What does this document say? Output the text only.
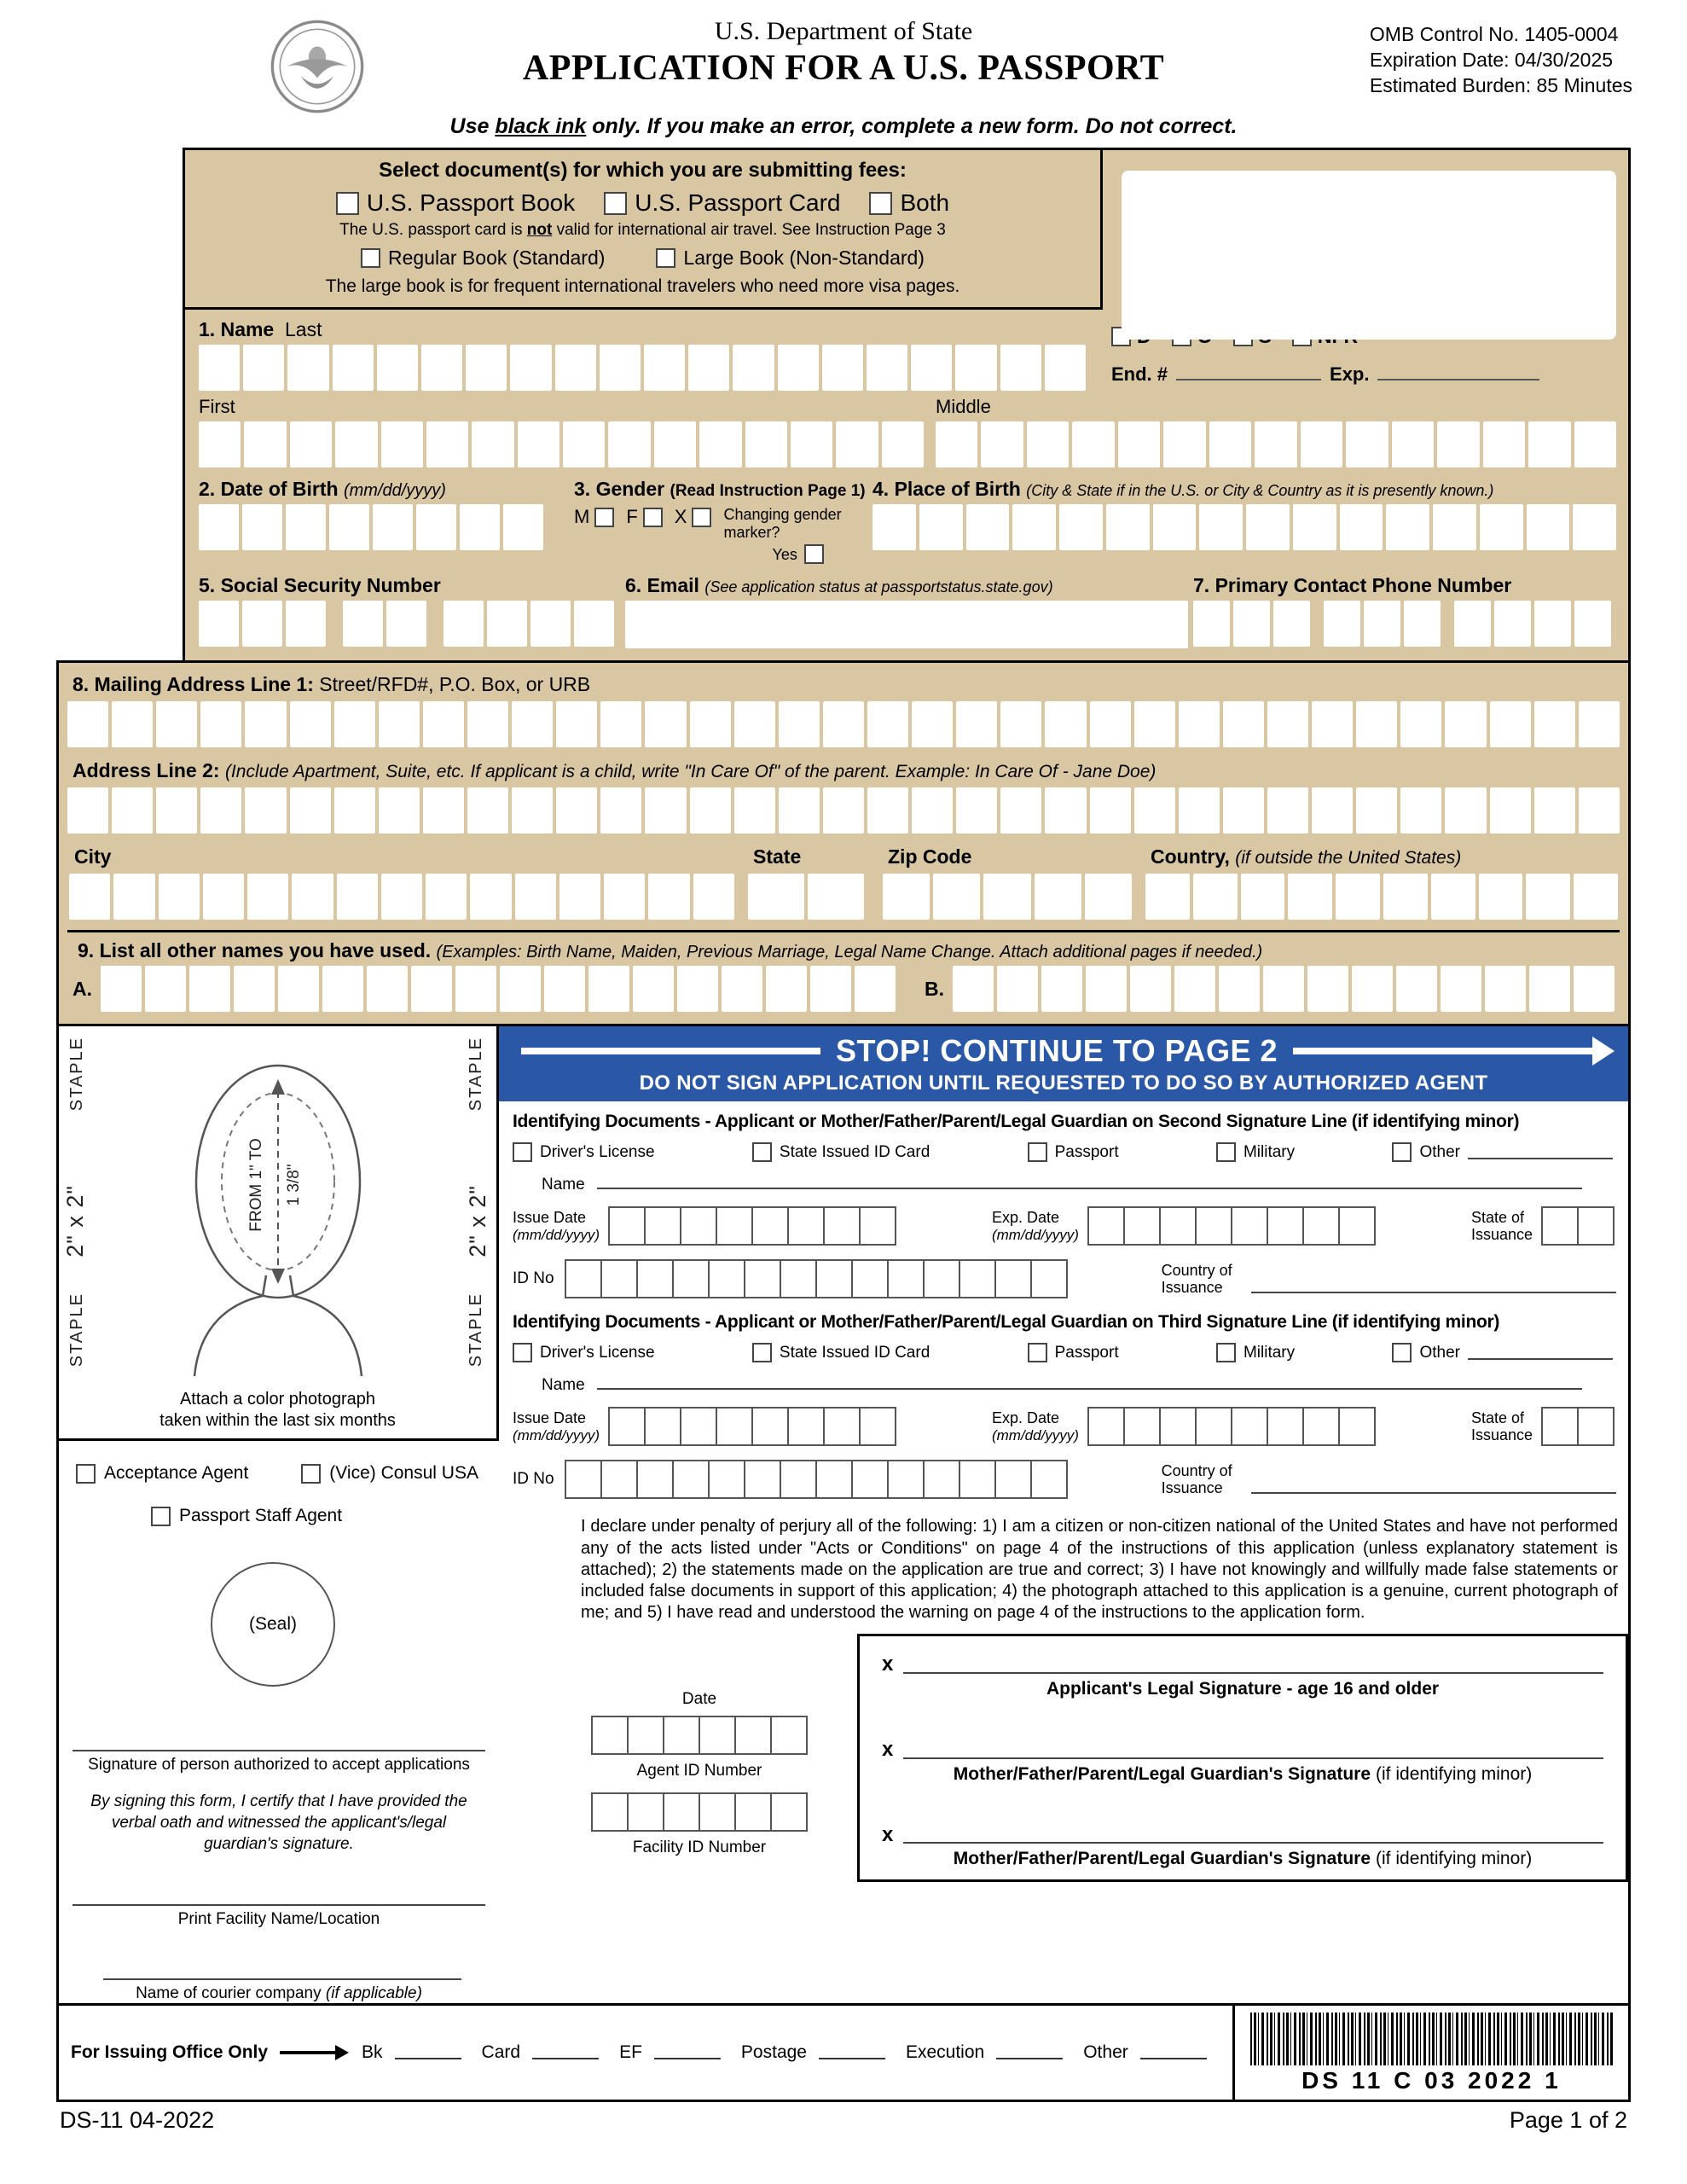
U.S. Department of State
APPLICATION FOR A U.S. PASSPORT
OMB Control No. 1405-0004
Expiration Date: 04/30/2025
Estimated Burden: 85 Minutes
Use black ink only. If you make an error, complete a new form. Do not correct.
Select document(s) for which you are submitting fees:
U.S. Passport Book	U.S. Passport Card	Both
The U.S. passport card is not valid for international air travel. See Instruction Page 3
Regular Book (Standard)	Large Book (Non-Standard)
The large book is for frequent international travelers who need more visa pages.
1. Name Last
End. #	Exp.
First	Middle
2. Date of Birth (mm/dd/yyyy)	3. Gender (Read Instruction Page 1)
M F X Changing gender marker?
Yes
4. Place of Birth (City & State if in the U.S. or City & Country as it is presently known.)
5. Social Security Number	6. Email (See application status at passportstatus.state.gov)	7. Primary Contact Phone Number
8. Mailing Address Line 1: Street/RFD#, P.O. Box, or URB
Address Line 2: (Include Apartment, Suite, etc. If applicant is a child, write "In Care Of" of the parent. Example: In Care Of - Jane Doe)
City	State	Zip Code	Country, (if outside the United States)
9. List all other names you have used. (Examples: Birth Name, Maiden, Previous Marriage, Legal Name Change. Attach additional pages if needed.)
A.	B.
STAPLE	STAPLE
STAPLE	STAPLE
2" x 2"	2" x 2"
FROM 1" TO 1 3/8"
Attach a color photograph
taken within the last six months
Acceptance Agent	(Vice) Consul USA
Passport Staff Agent
(Seal)
Signature of person authorized to accept applications
By signing this form, I certify that I have provided the verbal oath and witnessed the applicant's/legal guardian's signature.
Print Facility Name/Location
Name of courier company (if applicable)
STOP! CONTINUE TO PAGE 2
DO NOT SIGN APPLICATION UNTIL REQUESTED TO DO SO BY AUTHORIZED AGENT
Identifying Documents - Applicant or Mother/Father/Parent/Legal Guardian on Second Signature Line (if identifying minor)
Driver's License	State Issued ID Card	Passport	Military	Other
Name
Issue Date
(mm/dd/yyyy)
Exp. Date
(mm/dd/yyyy)
State of
Issuance
ID No	Country of
Issuance
Identifying Documents - Applicant or Mother/Father/Parent/Legal Guardian on Third Signature Line (if identifying minor)
Driver's License	State Issued ID Card	Passport	Military	Other
Name
Issue Date
(mm/dd/yyyy)
Exp. Date
(mm/dd/yyyy)
State of
Issuance
ID No	Country of
Issuance
I declare under penalty of perjury all of the following: 1) I am a citizen or non-citizen national of the United States and have not performed any of the acts listed under "Acts or Conditions" on page 4 of the instructions of this application (unless explanatory statement is attached); 2) the statements made on the application are true and correct; 3) I have not knowingly and willfully made false statements or included false documents in support of this application; 4) the photograph attached to this application is a genuine, current photograph of me; and 5) I have read and understood the warning on page 4 of the instructions to the application form.
Date
Agent ID Number
Facility ID Number
x
Applicant's Legal Signature - age 16 and older
x
Mother/Father/Parent/Legal Guardian's Signature (if identifying minor)
x
Mother/Father/Parent/Legal Guardian's Signature (if identifying minor)
For Issuing Office Only	Bk	Card	EF	Postage	Execution	Other
DS 11 C 03 2022 1
DS-11 04-2022	Page 1 of 2
